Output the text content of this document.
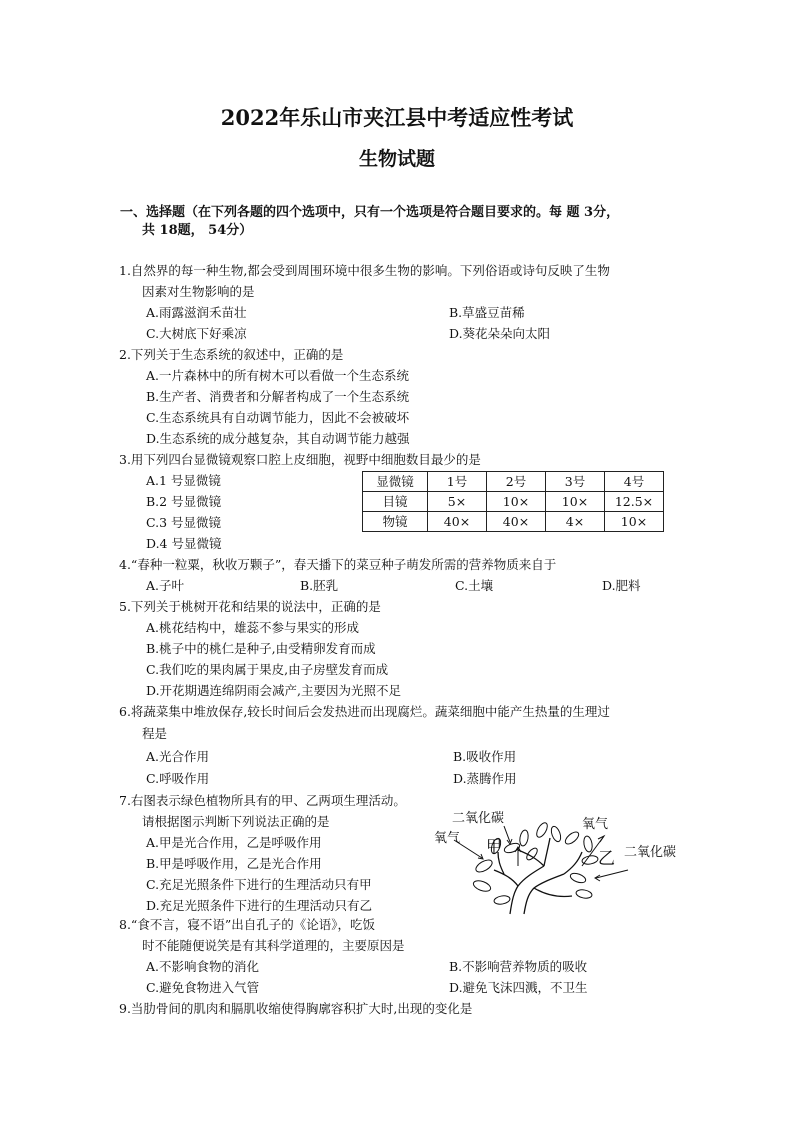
2022年乐山市夹江县中考适应性考试
生物试题
一、选择题（在下列各题的四个选项中，只有一个选项是符合题目要求的。每 题 3分，
共 18题， 54分）
1.自然界的每一种生物,都会受到周围环境中很多生物的影响。下列俗语或诗句反映了生物
因素对生物影响的是
A.雨露滋润禾苗壮	B.草盛豆苗稀
C.大树底下好乘凉	D.葵花朵朵向太阳
2.下列关于生态系统的叙述中，正确的是
A.一片森林中的所有树木可以看做一个生态系统
B.生产者、消费者和分解者构成了一个生态系统
C.生态系统具有自动调节能力，因此不会被破坏
D.生态系统的成分越复杂，其自动调节能力越强
3.用下列四台显微镜观察口腔上皮细胞，视野中细胞数目最少的是
A.1 号显微镜
B.2 号显微镜
C.3 号显微镜
D.4 号显微镜
显微镜	1号	2号	3号	4号
目镜	5×	10×	10×	12.5×
物镜	40×	40×	4×	10×
4.“春种一粒粟，秋收万颗子”，春天播下的菜豆种子萌发所需的营养物质来自于
A.子叶	B.胚乳	C.土壤	D.肥料
5.下列关于桃树开花和结果的说法中，正确的是
A.桃花结构中，雄蕊不参与果实的形成
B.桃子中的桃仁是种子,由受精卵发育而成
C.我们吃的果肉属于果皮,由子房壁发育而成
D.开花期遇连绵阴雨会减产,主要因为光照不足
6.将蔬菜集中堆放保存,较长时间后会发热进而出现腐烂。蔬菜细胞中能产生热量的生理过
程是
A.光合作用	B.吸收作用
C.呼吸作用	D.蒸腾作用
7.右图表示绿色植物所具有的甲、乙两项生理活动。
请根据图示判断下列说法正确的是
A.甲是光合作用，乙是呼吸作用
B.甲是呼吸作用，乙是光合作用
C.充足光照条件下进行的生理活动只有甲
D.充足光照条件下进行的生理活动只有乙
二氧化碳
氧气 甲
氧气
乙 二氧化碳
8.“食不言，寝不语”出自孔子的《论语》，吃饭
时不能随便说笑是有其科学道理的，主要原因是
A.不影响食物的消化	B.不影响营养物质的吸收
C.避免食物进入气管	D.避免飞沫四溅，不卫生
9.当肋骨间的肌肉和膈肌收缩使得胸廓容积扩大时,出现的变化是
